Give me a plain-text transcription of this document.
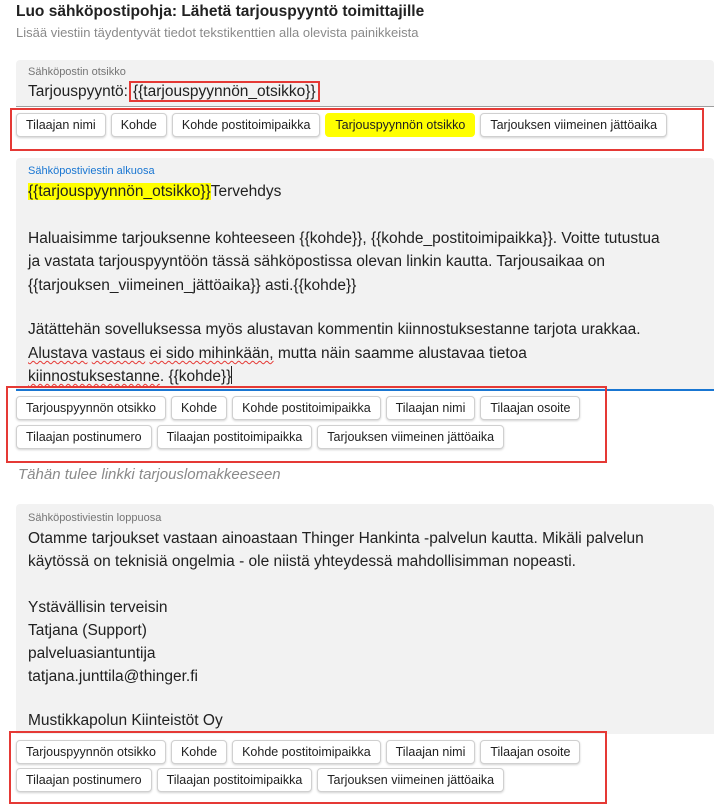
Luo sähköpostipohja: Lähetä tarjouspyyntö toimittajille
Lisää viestiin täydentyvät tiedot tekstikenttien alla olevista painikkeista
Sähköpostin otsikko
Tarjouspyyntö: {{tarjouspyynnön_otsikko}}
Tilaajan nimi	Kohde	Kohde postitoimipaikka	Tarjouspyynnön otsikko	Tarjouksen viimeinen jättöaika
Sähköpostiviestin alkuosa
{{tarjouspyynnön_otsikko}}Tervehdys
Haluaisimme tarjouksenne kohteeseen {{kohde}}, {{kohde_postitoimipaikka}}. Voitte tutustua
ja vastata tarjouspyyntöön tässä sähköpostissa olevan linkin kautta. Tarjousaikaa on
{{tarjouksen_viimeinen_jättöaika}} asti.{{kohde}}
Jätättehän sovelluksessa myös alustavan kommentin kiinnostuksestanne tarjota urakkaa.
Alustava vastaus ei sido mihinkään, mutta näin saamme alustavaa tietoa
kiinnostuksestanne. {{kohde}}
Tarjouspyynnön otsikko	Kohde	Kohde postitoimipaikka	Tilaajan nimi	Tilaajan osoite
Tilaajan postinumero	Tilaajan postitoimipaikka	Tarjouksen viimeinen jättöaika
Tähän tulee linkki tarjouslomakkeeseen
Sähköpostiviestin loppuosa
Otamme tarjoukset vastaan ainoastaan Thinger Hankinta -palvelun kautta. Mikäli palvelun
käytössä on teknisiä ongelmia - ole niistä yhteydessä mahdollisimman nopeasti.
Ystävällisin terveisin
Tatjana (Support)
palveluasiantuntija
tatjana.junttila@thinger.fi
Mustikkapolun Kiinteistöt Oy
Tarjouspyynnön otsikko	Kohde	Kohde postitoimipaikka	Tilaajan nimi	Tilaajan osoite
Tilaajan postinumero	Tilaajan postitoimipaikka	Tarjouksen viimeinen jättöaika
